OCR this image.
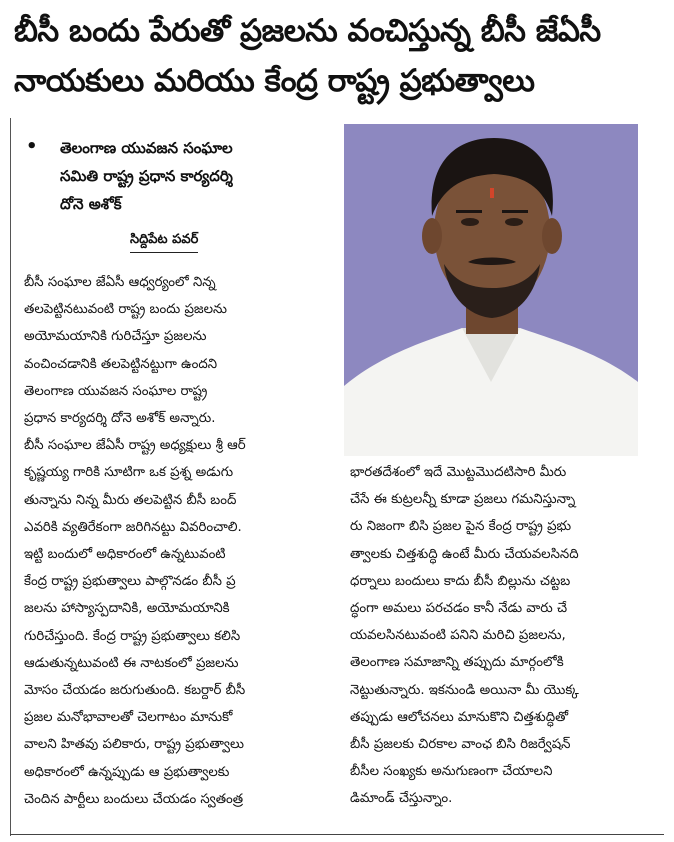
బీసీ బందు పేరుతో ప్రజలను వంచిస్తున్న బీసీ జేఏసీ
నాయకులు మరియు కేంద్ర రాష్ట్ర ప్రభుత్వాలు
• తెలంగాణ యువజన సంఘాల
సమితి రాష్ట్ర ప్రధాన కార్యదర్శి
దోనె అశోక్
సిద్దిపేట పవర్
బీసీ సంఘాల జేఏసీ ఆధ్వర్యంలో నిన్న
తలపెట్టినటువంటి రాష్ట్ర బందు ప్రజలను
అయోమయానికి గురిచేస్తూ ప్రజలను
వంచించడానికి తలపెట్టినట్టుగా ఉందని
తెలంగాణ యువజన సంఘాల రాష్ట్ర
ప్రధాన కార్యదర్శి దోనె అశోక్ అన్నారు.
బీసీ సంఘాల జేఏసీ రాష్ట్ర అధ్యక్షులు శ్రీ ఆర్
కృష్ణయ్య గారికి సూటిగా ఒక ప్రశ్న అడుగు
తున్నాను నిన్న మీరు తలపెట్టిన బీసీ బంద్
ఎవరికి వ్యతిరేకంగా జరిగినట్టు వివరించాలి.
ఇట్టి బందులో అధికారంలో ఉన్నటువంటి
కేంద్ర రాష్ట్ర ప్రభుత్వాలు పాల్గొనడం బీసీ ప్ర
జలను హాస్యాస్పదానికి, అయోమయానికి
గురిచేస్తుంది. కేంద్ర రాష్ట్ర ప్రభుత్వాలు కలిసి
ఆడుతున్నటువంటి ఈ నాటకంలో ప్రజలను
మోసం చేయడం జరుగుతుంది. కబర్దార్ బీసీ
ప్రజల మనోభావాలతో చెలగాటం మానుకో
వాలని హితవు పలికారు, రాష్ట్ర ప్రభుత్వాలు
అధికారంలో ఉన్నప్పుడు ఆ ప్రభుత్వాలకు
చెందిన పార్టీలు బందులు చేయడం స్వతంత్ర
భారతదేశంలో ఇదే మొట్టమొదటిసారి మీరు
చేసే ఈ కుట్రలన్నీ కూడా ప్రజలు గమనిస్తున్నా
రు నిజంగా బిసి ప్రజల పైన కేంద్ర రాష్ట్ర ప్రభు
త్వాలకు చిత్తశుద్ధి ఉంటే మీరు చేయవలసినది
ధర్నాలు బందులు కాదు బీసీ బిల్లును చట్టబ
ద్ధంగా అమలు పరచడం కానీ నేడు వారు చే
యవలసినటువంటి పనిని మరిచి ప్రజలను,
తెలంగాణ సమాజాన్ని తప్పుదు మార్గంలోకి
నెట్టుతున్నారు. ఇకనుండి అయినా మీ యొక్క
తప్పుడు ఆలోచనలు మానుకొని చిత్తశుద్ధితో
బీసీ ప్రజలకు చిరకాల వాంఛ బిసి రిజర్వేషన్
బీసీల సంఖ్యకు అనుగుణంగా చేయాలని
డిమాండ్ చేస్తున్నాం.
